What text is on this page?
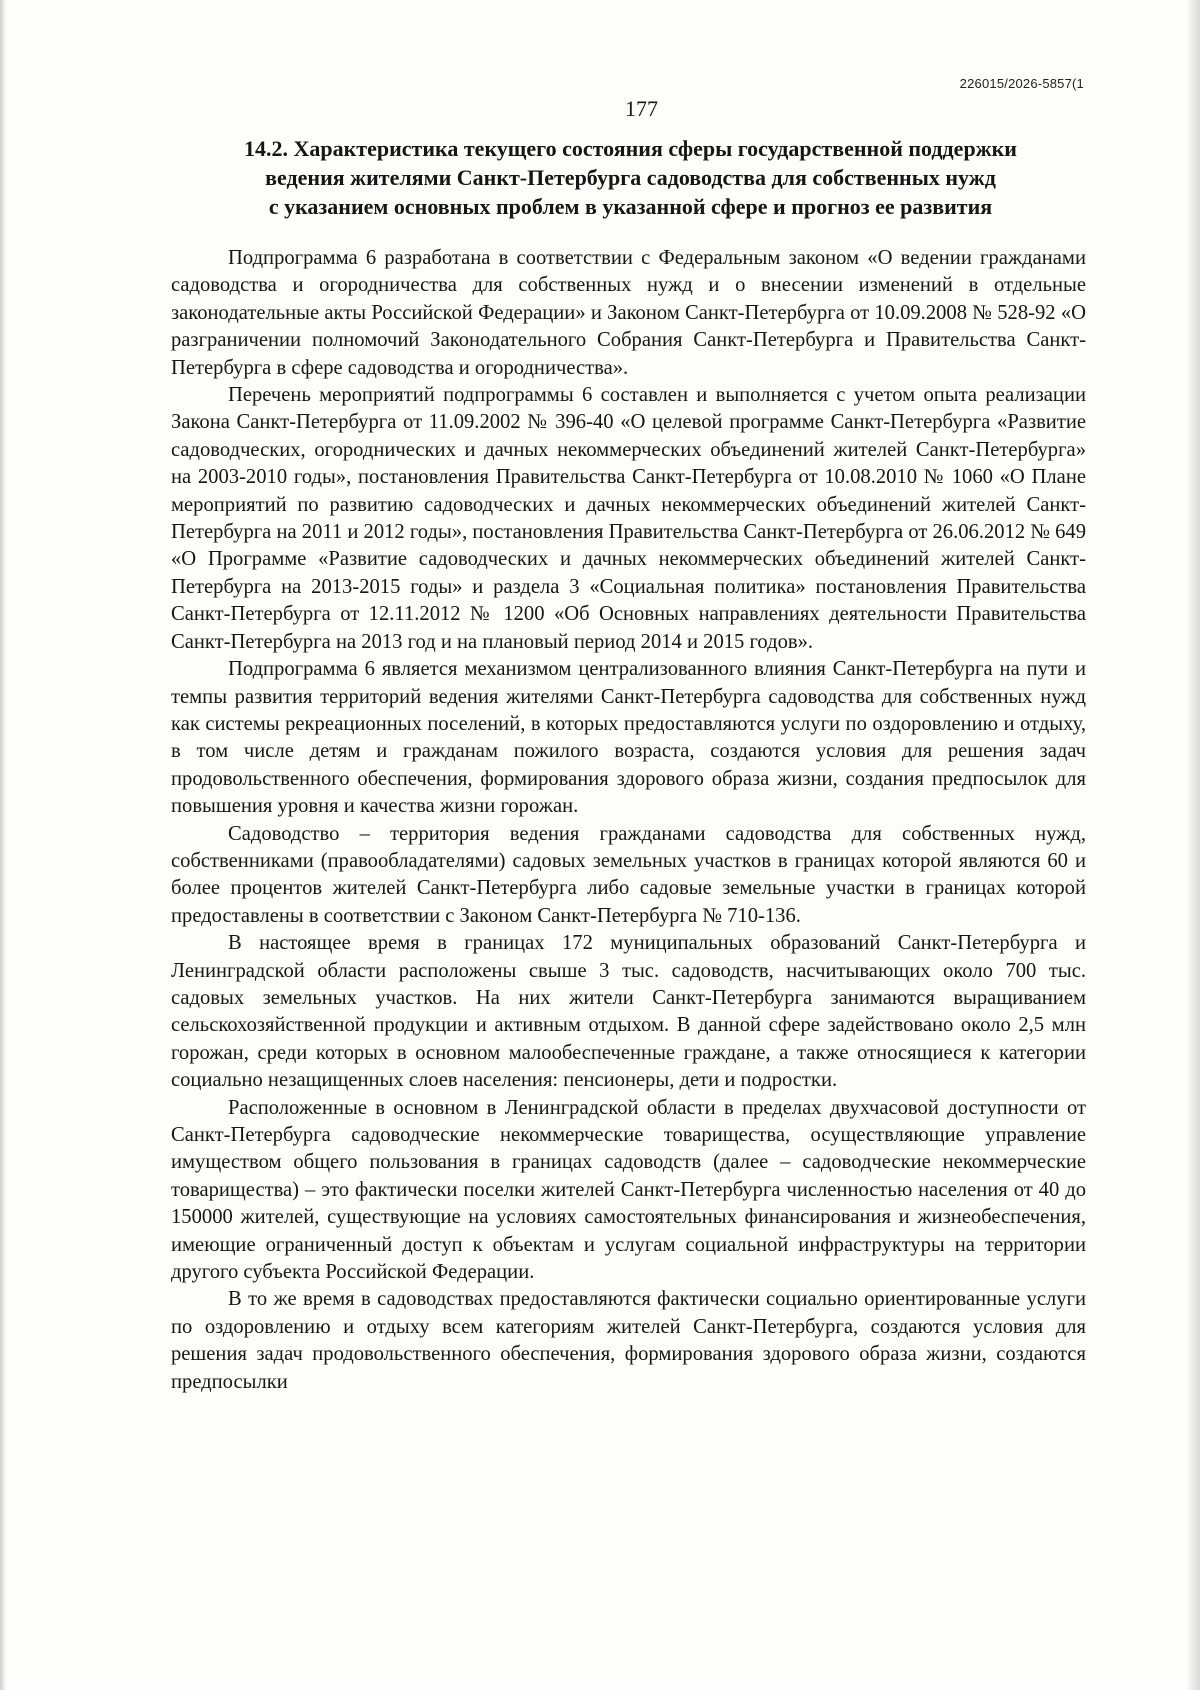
226015/2026-5857(1
177
14.2. Характеристика текущего состояния сферы государственной поддержки
ведения жителями Санкт-Петербурга садоводства для собственных нужд
с указанием основных проблем в указанной сфере и прогноз ее развития

Подпрограмма 6 разработана в соответствии с Федеральным законом «О ведении гражданами садоводства и огородничества для собственных нужд и о внесении изменений в отдельные законодательные акты Российской Федерации» и Законом Санкт-Петербурга от 10.09.2008 № 528-92 «О разграничении полномочий Законодательного Собрания Санкт-Петербурга и Правительства Санкт-Петербурга в сфере садоводства и огородничества».

Перечень мероприятий подпрограммы 6 составлен и выполняется с учетом опыта реализации Закона Санкт-Петербурга от 11.09.2002 № 396-40 «О целевой программе Санкт-Петербурга «Развитие садоводческих, огороднических и дачных некоммерческих объединений жителей Санкт-Петербурга» на 2003-2010 годы», постановления Правительства Санкт-Петербурга от 10.08.2010 № 1060 «О Плане мероприятий по развитию садоводческих и дачных некоммерческих объединений жителей Санкт-Петербурга на 2011 и 2012 годы», постановления Правительства Санкт-Петербурга от 26.06.2012 № 649 «О Программе «Развитие садоводческих и дачных некоммерческих объединений жителей Санкт-Петербурга на 2013-2015 годы» и раздела 3 «Социальная политика» постановления Правительства Санкт-Петербурга от 12.11.2012 № 1200 «Об Основных направлениях деятельности Правительства Санкт-Петербурга на 2013 год и на плановый период 2014 и 2015 годов».

Подпрограмма 6 является механизмом централизованного влияния Санкт-Петербурга на пути и темпы развития территорий ведения жителями Санкт-Петербурга садоводства для собственных нужд как системы рекреационных поселений, в которых предоставляются услуги по оздоровлению и отдыху, в том числе детям и гражданам пожилого возраста, создаются условия для решения задач продовольственного обеспечения, формирования здорового образа жизни, создания предпосылок для повышения уровня и качества жизни горожан.

Садоводство – территория ведения гражданами садоводства для собственных нужд, собственниками (правообладателями) садовых земельных участков в границах которой являются 60 и более процентов жителей Санкт-Петербурга либо садовые земельные участки в границах которой предоставлены в соответствии с Законом Санкт-Петербурга № 710-136.

В настоящее время в границах 172 муниципальных образований Санкт-Петербурга и Ленинградской области расположены свыше 3 тыс. садоводств, насчитывающих около 700 тыс. садовых земельных участков. На них жители Санкт-Петербурга занимаются выращиванием сельскохозяйственной продукции и активным отдыхом. В данной сфере задействовано около 2,5 млн горожан, среди которых в основном малообеспеченные граждане, а также относящиеся к категории социально незащищенных слоев населения: пенсионеры, дети и подростки.

Расположенные в основном в Ленинградской области в пределах двухчасовой доступности от Санкт-Петербурга садоводческие некоммерческие товарищества, осуществляющие управление имуществом общего пользования в границах садоводств (далее – садоводческие некоммерческие товарищества) – это фактически поселки жителей Санкт-Петербурга численностью населения от 40 до 150000 жителей, существующие на условиях самостоятельных финансирования и жизнеобеспечения, имеющие ограниченный доступ к объектам и услугам социальной инфраструктуры на территории другого субъекта Российской Федерации.

В то же время в садоводствах предоставляются фактически социально ориентированные услуги по оздоровлению и отдыху всем категориям жителей Санкт-Петербурга, создаются условия для решения задач продовольственного обеспечения, формирования здорового образа жизни, создаются предпосылки
